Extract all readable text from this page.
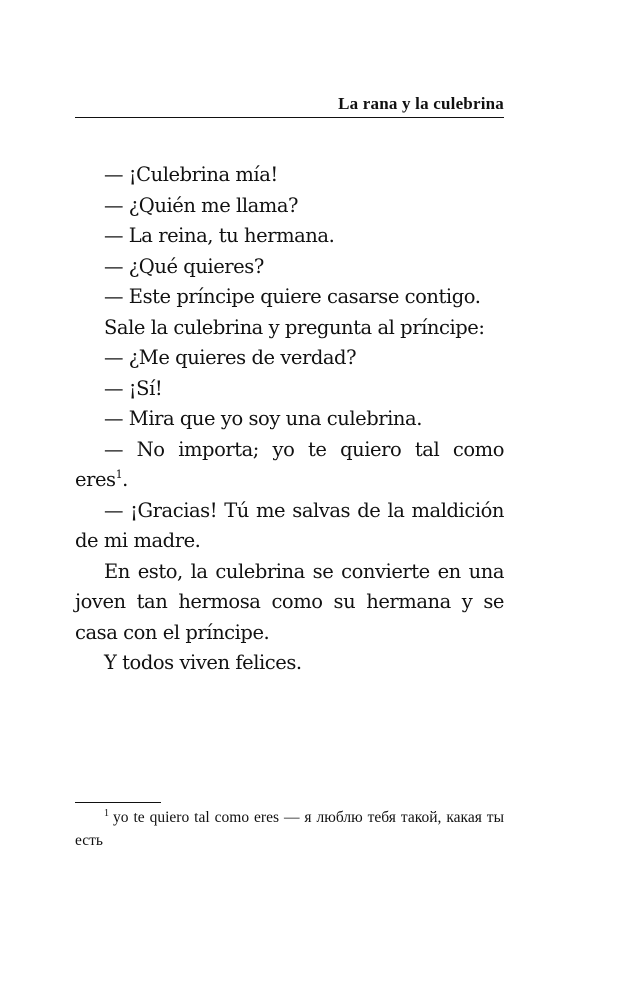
La rana y la culebrina

— ¡Culebrina mía!

— ¿Quién me llama?

— La reina, tu hermana.

— ¿Qué quieres?

— Este príncipe quiere casarse contigo.

Sale la culebrina y pregunta al príncipe:

— ¿Me quieres de verdad?

— ¡Sí!

— Mira que yo soy una culebrina.

— No importa; yo te quiero tal como eres$^1$.

— ¡Gracias! Tú me salvas de la maldición de mi madre.

En esto, la culebrina se convierte en una joven tan hermosa como su hermana y se casa con el príncipe.

Y todos viven felices.

$^1$ yo te quiero tal como eres — я люблю тебя такой, какая ты есть
